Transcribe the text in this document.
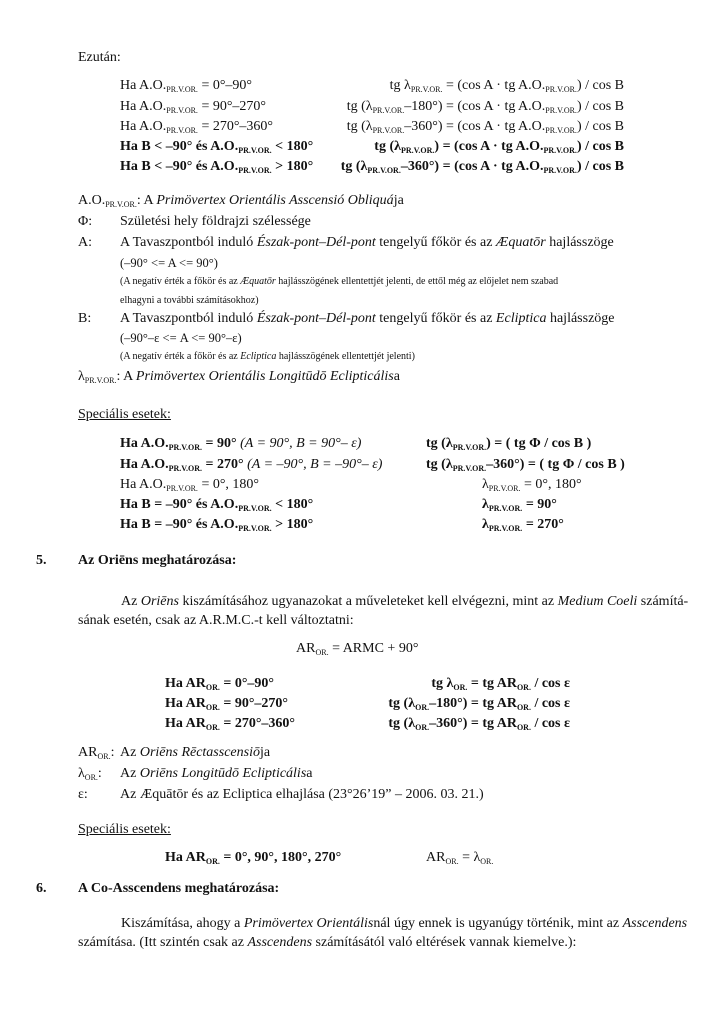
Ezután:
Ha $A.O._{PR.V.OR.} = 0^\circ-90^\circ$	tg $\lambda_{PR.V.OR.} = (\cos$ A · tg $A.O._{PR.V.OR.}$) / cos B
Ha $A.O._{PR.V.OR.} = 90^\circ-270^\circ$	tg $(\lambda_{PR.V.OR.}-180^\circ) = (\cos$ A · tg $A.O._{PR.V.OR.}$) / cos B
Ha $A.O._{PR.V.OR.} = 270^\circ-360^\circ$	tg $(\lambda_{PR.V.OR.}-360^\circ) = (\cos$ A · tg $A.O._{PR.V.OR.}$) / cos B
Ha B < –90° és $A.O._{PR.V.OR.} < 180^\circ$	tg $(\lambda_{PR.V.OR.}) = (\cos$ A · tg $A.O._{PR.V.OR.}$) / cos B
Ha B < –90° és $A.O._{PR.V.OR.} > 180^\circ$ tg $(\lambda_{PR.V.OR.}-360^\circ) = (\cos$ A · tg $A.O._{PR.V.OR.}$) / cos B
$A.O._{PR.V.OR.}$: A Primövertex Orientális Asscensió Obliquája
Φ: Születési hely földrajzi szélessége
A: A Tavaszpontból induló Észak-pont–Dél-pont tengelyű főkör és az Æquatōr hajlásszöge
(–90° <= A <= 90°)
(A negatív érték a főkör és az Æquatōr hajlásszögének ellentettjét jelenti, de ettől még az előjelet nem szabad
elhagyni a további számításokhoz)
B: A Tavaszpontból induló Észak-pont–Dél-pont tengelyű főkör és az Ecliptica hajlásszöge
(–90°–ε <= A <= 90°–ε)
(A negatív érték a főkör és az Ecliptica hajlásszögének ellentettjét jelenti)
$\lambda_{PR.V.OR.}$: A Primövertex Orientális Longitūdō Eclipticálisa
Speciális esetek:
Ha $A.O._{PR.V.OR.} = 90^\circ$ (A = 90°, B = 90°– ε)	tg $(\lambda_{PR.V.OR.})$ = ( tg Φ / cos B )
Ha $A.O._{PR.V.OR.} = 270^\circ$ (A = –90°, B = –90°– ε)	tg $(\lambda_{PR.V.OR.}-360^\circ)$ = ( tg Φ / cos B )
Ha $A.O._{PR.V.OR.} = 0^\circ$, 180°	$\lambda_{PR.V.OR.} = 0^\circ$, 180°
Ha B = –90° és $A.O._{PR.V.OR.} < 180^\circ$	$\lambda_{PR.V.OR.} = 90^\circ$
Ha B = –90° és $A.O._{PR.V.OR.} > 180^\circ$	$\lambda_{PR.V.OR.} = 270^\circ$
5. Az Oriēns meghatározása:
Az Oriēns kiszámításához ugyanazokat a műveleteket kell elvégezni, mint az Medium Coeli számítá-
sának esetén, csak az A.R.M.C.-t kell változtatni:
$AR_{OR.}$ = ARMC + 90°
Ha $AR_{OR.} = 0^\circ-90^\circ$	tg $\lambda_{OR.}$ = tg $AR_{OR.}$ / cos ε
Ha $AR_{OR.} = 90^\circ-270^\circ$	tg $(\lambda_{OR.}-180^\circ)$ = tg $AR_{OR.}$ / cos ε
Ha $AR_{OR.} = 270^\circ-360^\circ$	tg $(\lambda_{OR.}-360^\circ)$ = tg $AR_{OR.}$ / cos ε
$AR_{OR.}$: Az Oriēns Rēctasscensiōja
$\lambda_{OR.}$: Az Oriēns Longitūdō Eclipticálisa
ε: Az Æquātōr és az Ecliptica elhajlása (23°26’19” – 2006. 03. 21.)
Speciális esetek:
Ha $AR_{OR.} = 0^\circ$, 90°, 180°, 270°	$AR_{OR.} = \lambda_{OR.}$
6. A Co-Asscendens meghatározása:
Kiszámítása, ahogy a Primövertex Orientálisnál úgy ennek is ugyanúgy történik, mint az Asscendens
számítása. (Itt szintén csak az Asscendens számításától való eltérések vannak kiemelve.):
